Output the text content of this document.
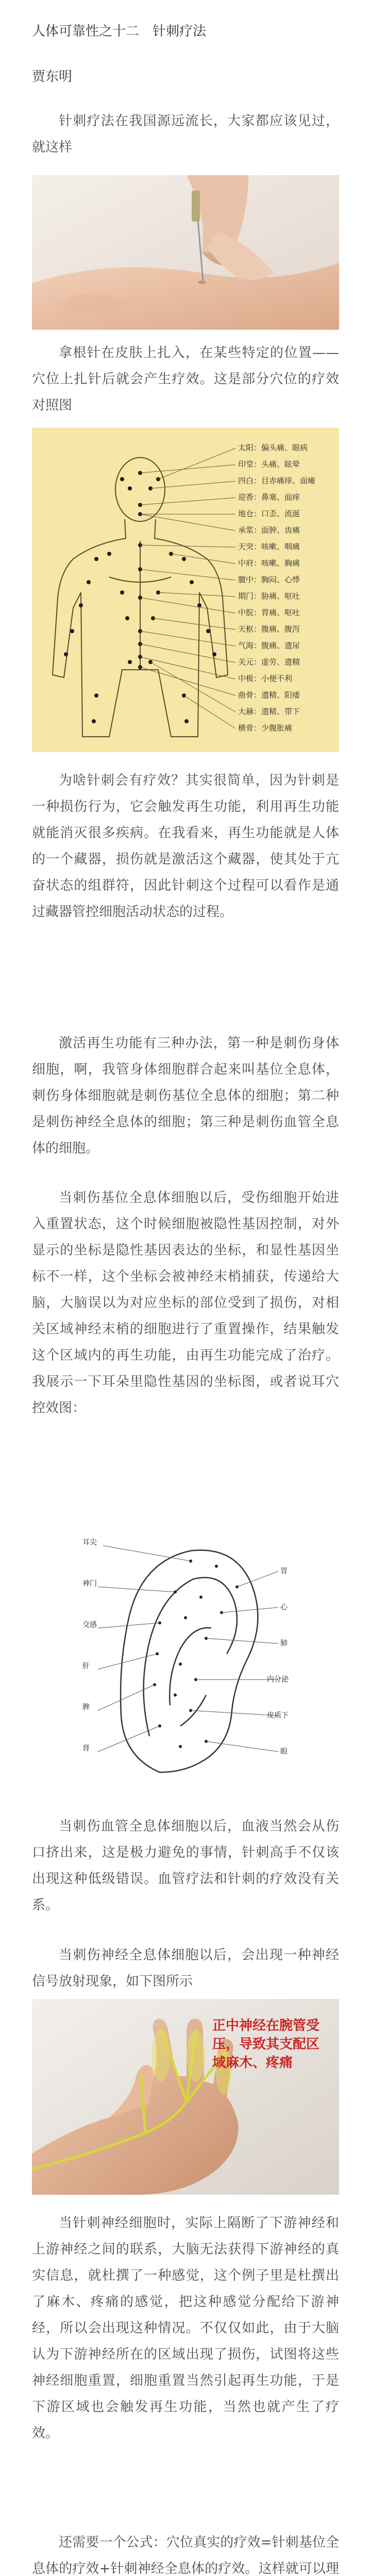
人体可靠性之十二　针刺疗法
贾东明

针刺疗法在我国源远流长，大家都应该见过，就这样

拿根针在皮肤上扎入，在某些特定的位置——穴位上扎针后就会产生疗效。这是部分穴位的疗效对照图

太阳：偏头痛、眼病
印堂：头痛、眩晕
四白：目赤痛痒、面瘫
迎香：鼻塞、面痒
地仓：口歪、流涎
承浆：面肿、齿痛
天突：咳嗽、咽痛
中府：咳嗽、胸痛
膻中：胸闷、心悸
期门：胁痛、呕吐
中脘：胃痛、呕吐
天枢：腹痛、腹泻
气海：腹痛、遗尿
关元：虚劳、遗精
中极：小便不利
曲骨：遗精、阳痿
大赫：遗精、带下
横骨：少腹胀痛

为啥针刺会有疗效？其实很简单，因为针刺是一种损伤行为，它会触发再生功能，利用再生功能就能消灭很多疾病。在我看来，再生功能就是人体的一个藏器，损伤就是激活这个藏器，使其处于亢奋状态的组群符，因此针刺这个过程可以看作是通过藏器管控细胞活动状态的过程。

激活再生功能有三种办法，第一种是刺伤身体细胞，啊，我管身体细胞群合起来叫基位全息体，刺伤身体细胞就是刺伤基位全息体的细胞；第二种是刺伤神经全息体的细胞；第三种是刺伤血管全息体的细胞。

当刺伤基位全息体细胞以后，受伤细胞开始进入重置状态，这个时候细胞被隐性基因控制，对外显示的坐标是隐性基因表达的坐标，和显性基因坐标不一样，这个坐标会被神经末梢捕获，传递给大脑，大脑误以为对应坐标的部位受到了损伤，对相关区域神经末梢的细胞进行了重置操作，结果触发这个区域内的再生功能，由再生功能完成了治疗。我展示一下耳朵里隐性基因的坐标图，或者说耳穴控效图：

耳尖
神门
交感
肝
脾
肾
胃
心
肺
内分泌
皮质下
眼

当刺伤血管全息体细胞以后，血液当然会从伤口挤出来，这是极力避免的事情，针刺高手不仅该出现这种低级错误。血管疗法和针刺的疗效没有关系。

当刺伤神经全息体细胞以后，会出现一种神经信号放射现象，如下图所示

正中神经在腕管受
压，导致其支配区
域麻木、疼痛

当针刺神经细胞时，实际上隔断了下游神经和上游神经之间的联系，大脑无法获得下游神经的真实信息，就杜撰了一种感觉，这个例子里是杜撰出了麻木、疼痛的感觉，把这种感觉分配给下游神经，所以会出现这种情况。不仅仅如此，由于大脑认为下游神经所在的区域出现了损伤，试图将这些神经细胞重置，细胞重置当然引起再生功能，于是下游区域也会触发再生功能，当然也就产生了疗效。

还需要一个公式：穴位真实的疗效=针刺基位全息体的疗效+针刺神经全息体的疗效。这样就可以理
